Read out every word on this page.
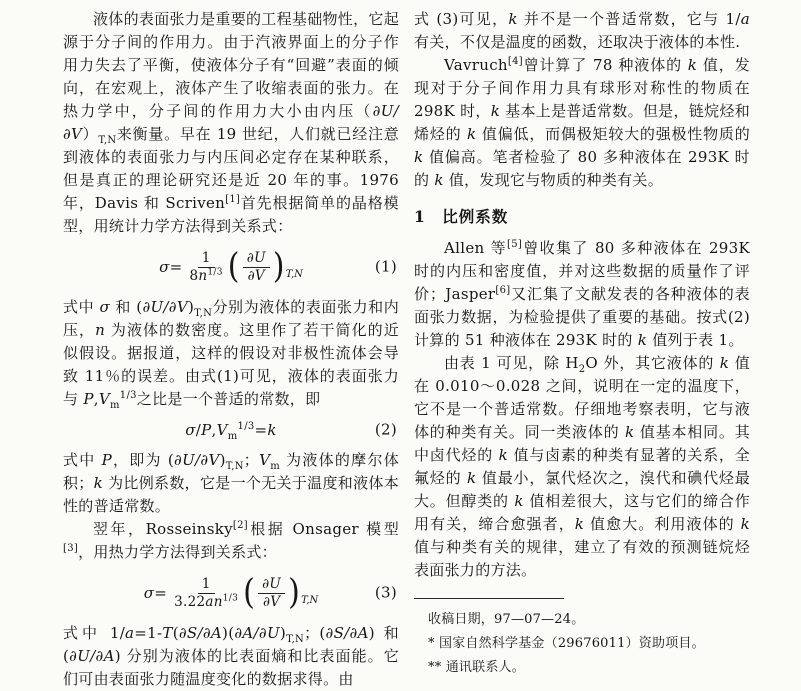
液体的表面张力是重要的工程基础物性，它起源于分子间的作用力。由于汽液界面上的分子作用力失去了平衡，使液体分子有“回避”表面的倾向，在宏观上，液体产生了收缩表面的张力。在热力学中，分子间的作用力大小由内压$(\partial U/\partial V)_{T,N}$来衡量。早在 19 世纪，人们就已经注意到液体的表面张力与内压间必定存在某种联系，但是真正的理论研究还是近 20 年的事。1976 年，Davis 和 Scriven[1]首先根据简单的晶格模型，用统计力学方法得到关系式：

$\sigma= \frac{1}{8n^{1/3}}$ ( $\frac{\partial U}{\partial V}$ ) T,N	(1)

式中 σ 和 $(\partial U/\partial V)_{T,N}$分别为液体的表面张力和内压，n 为液体的数密度。这里作了若干简化的近似假设。据报道，这样的假设对非极性流体会导致 11％的误差。由式(1)可见，液体的表面张力与 $P,V_m^{1/3}$之比是一个普适的常数，即

$\sigma/P,V_m^{1/3}=k$	(2)

式中 P，即为 $(\partial U/\partial V)_{T,N}$；$V_m$ 为液体的摩尔体积；k 为比例系数，它是一个无关于温度和液体本性的普适常数。

翌年，Rosseinsky[2]根据 Onsager 模型[3]，用热力学方法得到关系式：

$\sigma= \frac{1}{3.22an^{1/3}}$ ( $\frac{\partial U}{\partial V}$ ) T,N	(3)

式中 $1/a=1-T(\partial S/\partial A)(\partial A/\partial U)_{T,N}$；(∂S/∂A) 和 (∂U/∂A) 分别为液体的比表面熵和比表面能。它们可由表面张力随温度变化的数据求得。由

式 (3)可见，k 并不是一个普适常数，它与 1/a 有关，不仅是温度的函数，还取决于液体的本性.

Vavruch[4]曾计算了 78 种液体的 k 值，发现对于分子间作用力具有球形对称性的物质在 298K 时，k 基本上是普适常数。但是，链烷烃和烯烃的 k 值偏低，而偶极矩较大的强极性物质的 k 值偏高。笔者检验了 80 多种液体在 293K 时的 k 值，发现它与物质的种类有关。

1　比例系数

Allen 等[5]曾收集了 80 多种液体在 293K 时的内压和密度值，并对这些数据的质量作了评价；Jasper[6]又汇集了文献发表的各种液体的表面张力数据，为检验提供了重要的基础。按式(2)计算的 51 种液体在 293K 时的 k 值列于表 1。

由表 1 可见，除 $H_2O$ 外，其它液体的 k 值在 0.010～0.028 之间，说明在一定的温度下，它不是一个普适常数。仔细地考察表明，它与液体的种类有关。同一类液体的 k 值基本相同。其中卤代烃的 k 值与卤素的种类有显著的关系，全氟烃的 k 值最小，氯代烃次之，溴代和碘代烃最大。但醇类的 k 值相差很大，这与它们的缔合作用有关，缔合愈强者，k 值愈大。利用液体的 k 值与种类有关的规律，建立了有效的预测链烷烃表面张力的方法。

收稿日期，97—07—24。

* 国家自然科学基金（29676011）资助项目。

** 通讯联系人。
